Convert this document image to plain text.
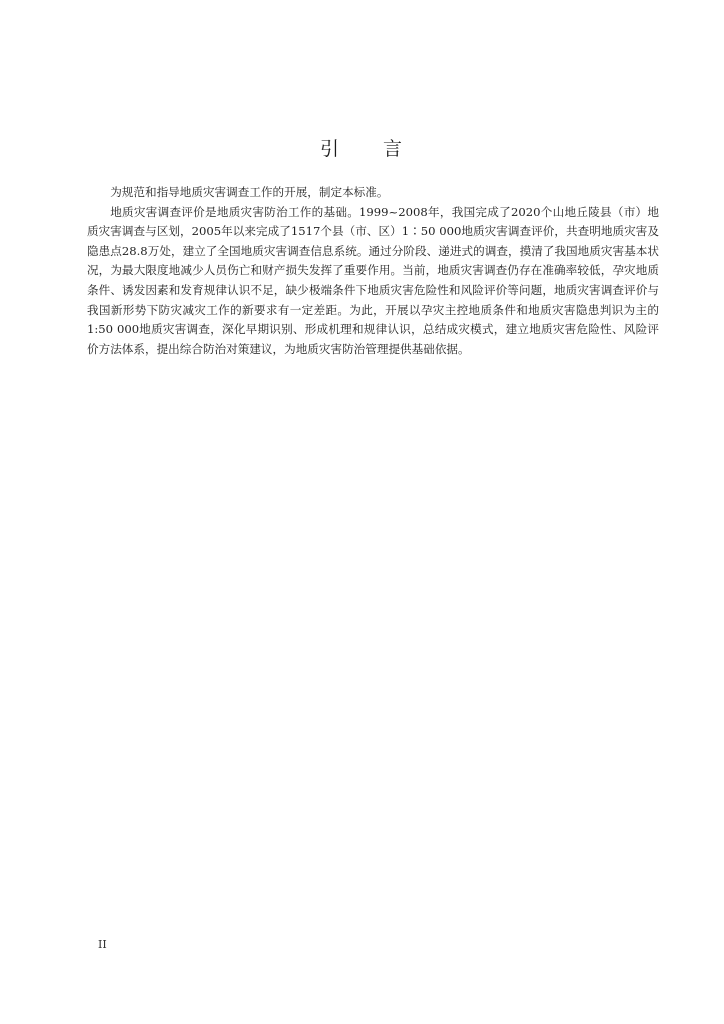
引 言

为规范和指导地质灾害调查工作的开展，制定本标准。

地质灾害调查评价是地质灾害防治工作的基础。1999~2008年，我国完成了2020个山地丘陵县（市）地质灾害调查与区划，2005年以来完成了1517个县（市、区）1∶50 000地质灾害调查评价，共查明地质灾害及隐患点28.8万处，建立了全国地质灾害调查信息系统。通过分阶段、递进式的调查，摸清了我国地质灾害基本状况，为最大限度地减少人员伤亡和财产损失发挥了重要作用。当前，地质灾害调查仍存在准确率较低，孕灾地质条件、诱发因素和发育规律认识不足，缺少极端条件下地质灾害危险性和风险评价等问题，地质灾害调查评价与我国新形势下防灾减灾工作的新要求有一定差距。为此，开展以孕灾主控地质条件和地质灾害隐患判识为主的1:50 000地质灾害调查，深化早期识别、形成机理和规律认识，总结成灾模式，建立地质灾害危险性、风险评价方法体系，提出综合防治对策建议，为地质灾害防治管理提供基础依据。

II
